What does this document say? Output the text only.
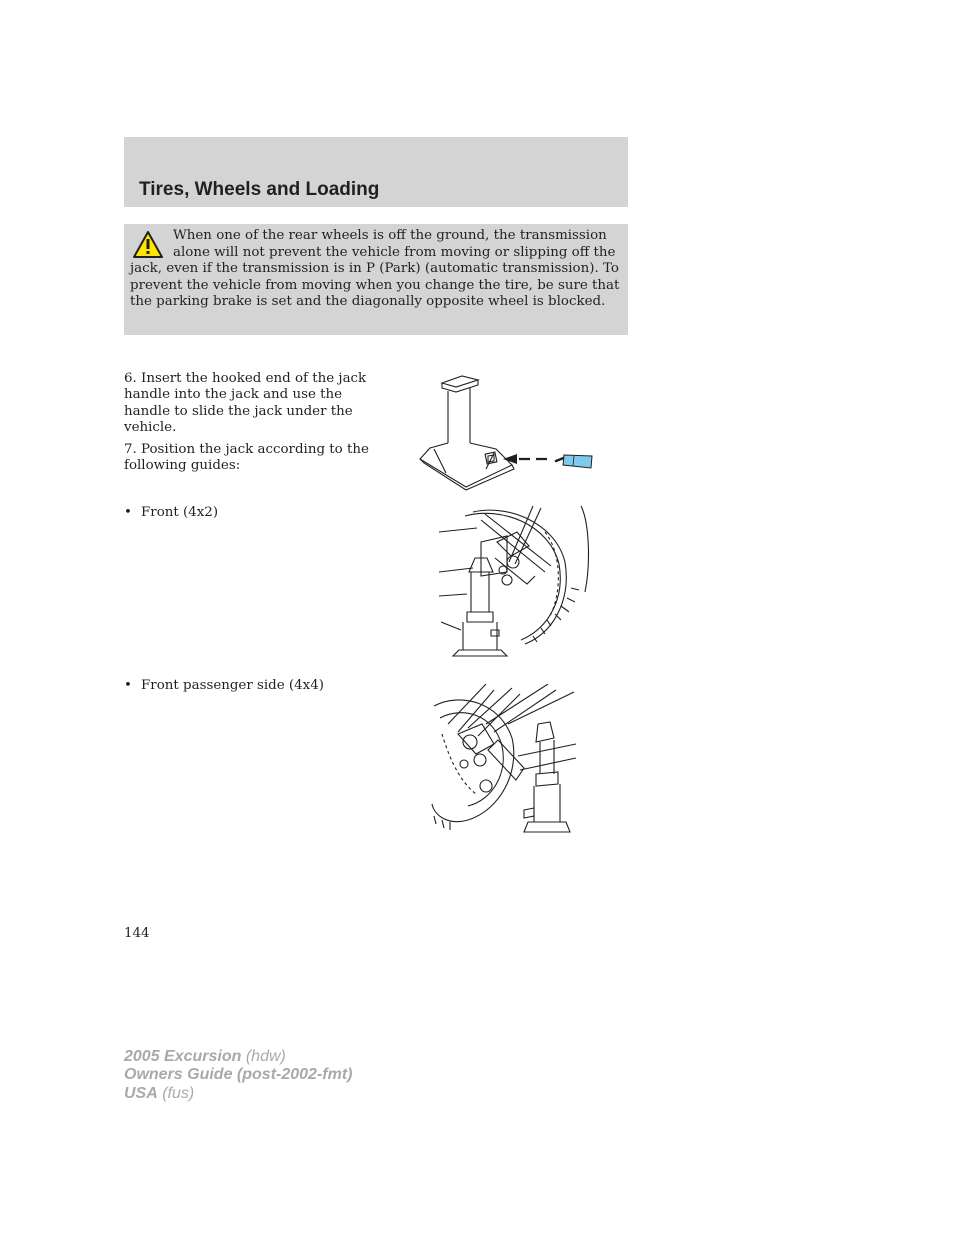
Tires, Wheels and Loading

When one of the rear wheels is off the ground, the transmission alone will not prevent the vehicle from moving or slipping off the jack, even if the transmission is in P (Park) (automatic transmission). To prevent the vehicle from moving when you change the tire, be sure that the parking brake is set and the diagonally opposite wheel is blocked.

6. Insert the hooked end of the jack handle into the jack and use the handle to slide the jack under the vehicle.

7. Position the jack according to the following guides:

• Front (4x2)
• Front passenger side (4x4)
144
2005 Excursion (hdw)
Owners Guide (post-2002-fmt)
USA (fus)
